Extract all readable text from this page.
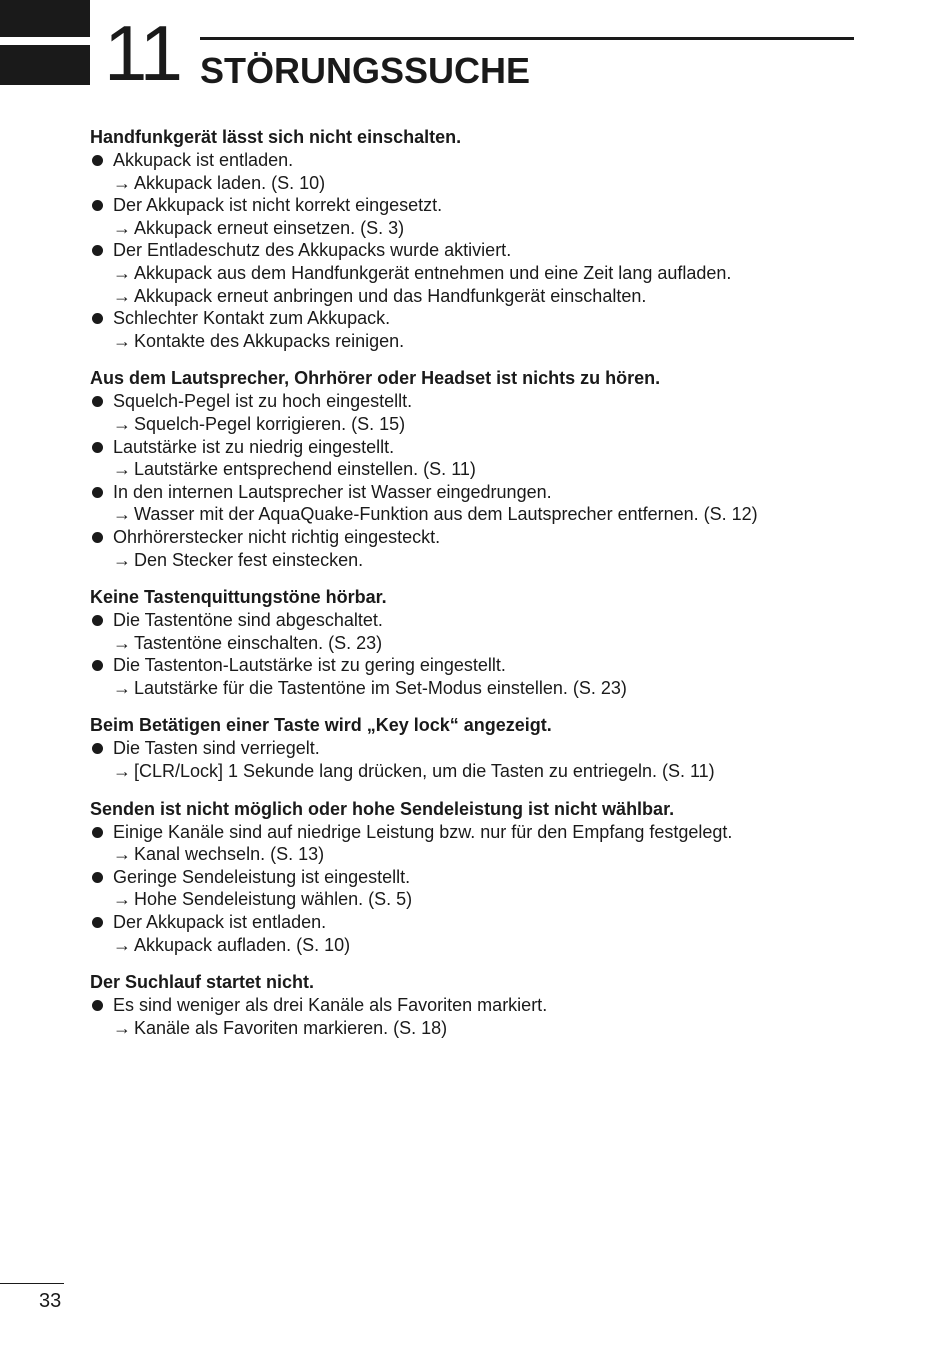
11 STÖRUNGSSUCHE
Handfunkgerät lässt sich nicht einschalten.
Akkupack ist entladen.
→ Akkupack laden. (S. 10)
Der Akkupack ist nicht korrekt eingesetzt.
→ Akkupack erneut einsetzen. (S. 3)
Der Entladeschutz des Akkupacks wurde aktiviert.
→ Akkupack aus dem Handfunkgerät entnehmen und eine Zeit lang aufladen.
→ Akkupack erneut anbringen und das Handfunkgerät einschalten.
Schlechter Kontakt zum Akkupack.
→ Kontakte des Akkupacks reinigen.
Aus dem Lautsprecher, Ohrhörer oder Headset ist nichts zu hören.
Squelch-Pegel ist zu hoch eingestellt.
→ Squelch-Pegel korrigieren. (S. 15)
Lautstärke ist zu niedrig eingestellt.
→ Lautstärke entsprechend einstellen. (S. 11)
In den internen Lautsprecher ist Wasser eingedrungen.
→ Wasser mit der AquaQuake-Funktion aus dem Lautsprecher entfernen. (S. 12)
Ohrhörerstecker nicht richtig eingesteckt.
→ Den Stecker fest einstecken.
Keine Tastenquittungstöne hörbar.
Die Tastentöne sind abgeschaltet.
→ Tastentöne einschalten. (S. 23)
Die Tastenton-Lautstärke ist zu gering eingestellt.
→ Lautstärke für die Tastentöne im Set-Modus einstellen. (S. 23)
Beim Betätigen einer Taste wird „Key lock“ angezeigt.
Die Tasten sind verriegelt.
→ [CLR/Lock] 1 Sekunde lang drücken, um die Tasten zu entriegeln. (S. 11)
Senden ist nicht möglich oder hohe Sendeleistung ist nicht wählbar.
Einige Kanäle sind auf niedrige Leistung bzw. nur für den Empfang festgelegt.
→ Kanal wechseln. (S. 13)
Geringe Sendeleistung ist eingestellt.
→ Hohe Sendeleistung wählen. (S. 5)
Der Akkupack ist entladen.
→ Akkupack aufladen. (S. 10)
Der Suchlauf startet nicht.
Es sind weniger als drei Kanäle als Favoriten markiert.
→ Kanäle als Favoriten markieren. (S. 18)
33
